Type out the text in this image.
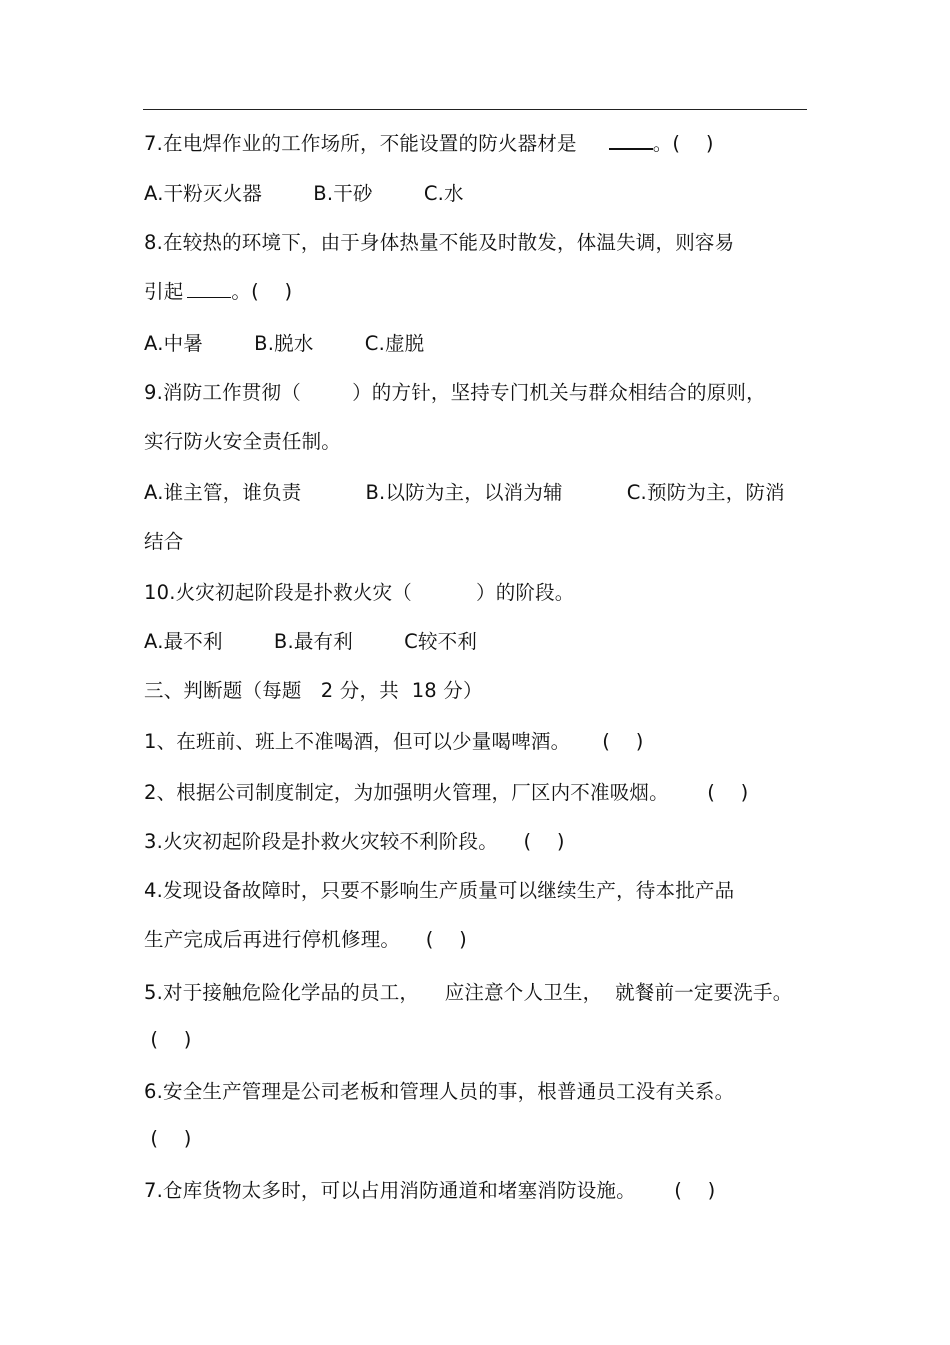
7.在电焊作业的工作场所，不能设置的防火器材是	。(    )
A.干粉灭火器        B.干砂        C.水
8.在较热的环境下，由于身体热量不能及时散发，体温失调，则容易
引起 。(    )
A.中暑        B.脱水        C.虚脱
9.消防工作贯彻（        ）的方针，坚持专门机关与群众相结合的原则，
实行防火安全责任制。
A.谁主管，谁负责          B.以防为主，以消为辅          C.预防为主，防消
结合
10.火灾初起阶段是扑救火灾（          ）的阶段。
A.最不利        B.最有利        C较不利
三、判断题（每题   2 分，共  18 分）
1、在班前、班上不准喝酒，但可以少量喝啤酒。     (    )
2、根据公司制度制定，为加强明火管理，厂区内不准吸烟。      (    )
3.火灾初起阶段是扑救火灾较不利阶段。    (    )
4.发现设备故障时，只要不影响生产质量可以继续生产，待本批产品
生产完成后再进行停机修理。    (    )
5.对于接触危险化学品的员工，    应注意个人卫生，  就餐前一定要洗手。
(    )
6.安全生产管理是公司老板和管理人员的事，根普通员工没有关系。
(    )
7.仓库货物太多时，可以占用消防通道和堵塞消防设施。      (    )
